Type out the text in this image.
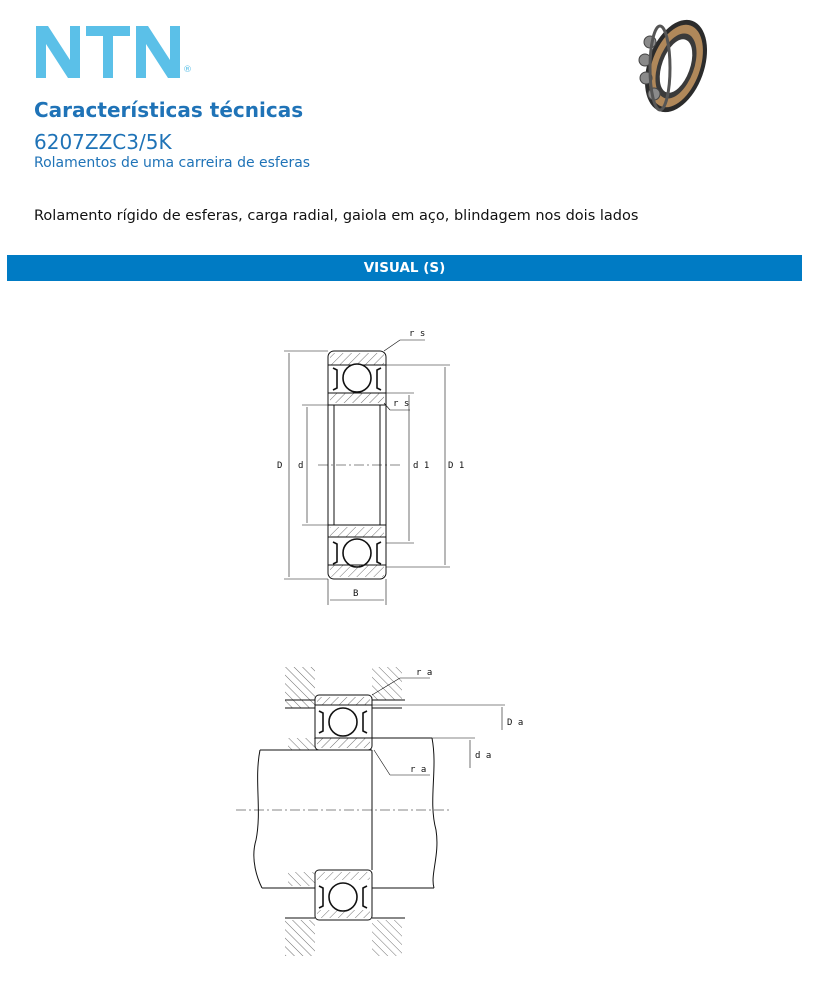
®
Características técnicas
6207ZZC3/5K
Rolamentos de uma carreira de esferas

Rolamento rígido de esferas, carga radial, gaiola em aço, blindagem nos dois lados

VISUAL (S)
r s
r s
D d	d 1 D 1
B
r a
D a
d a
r a
